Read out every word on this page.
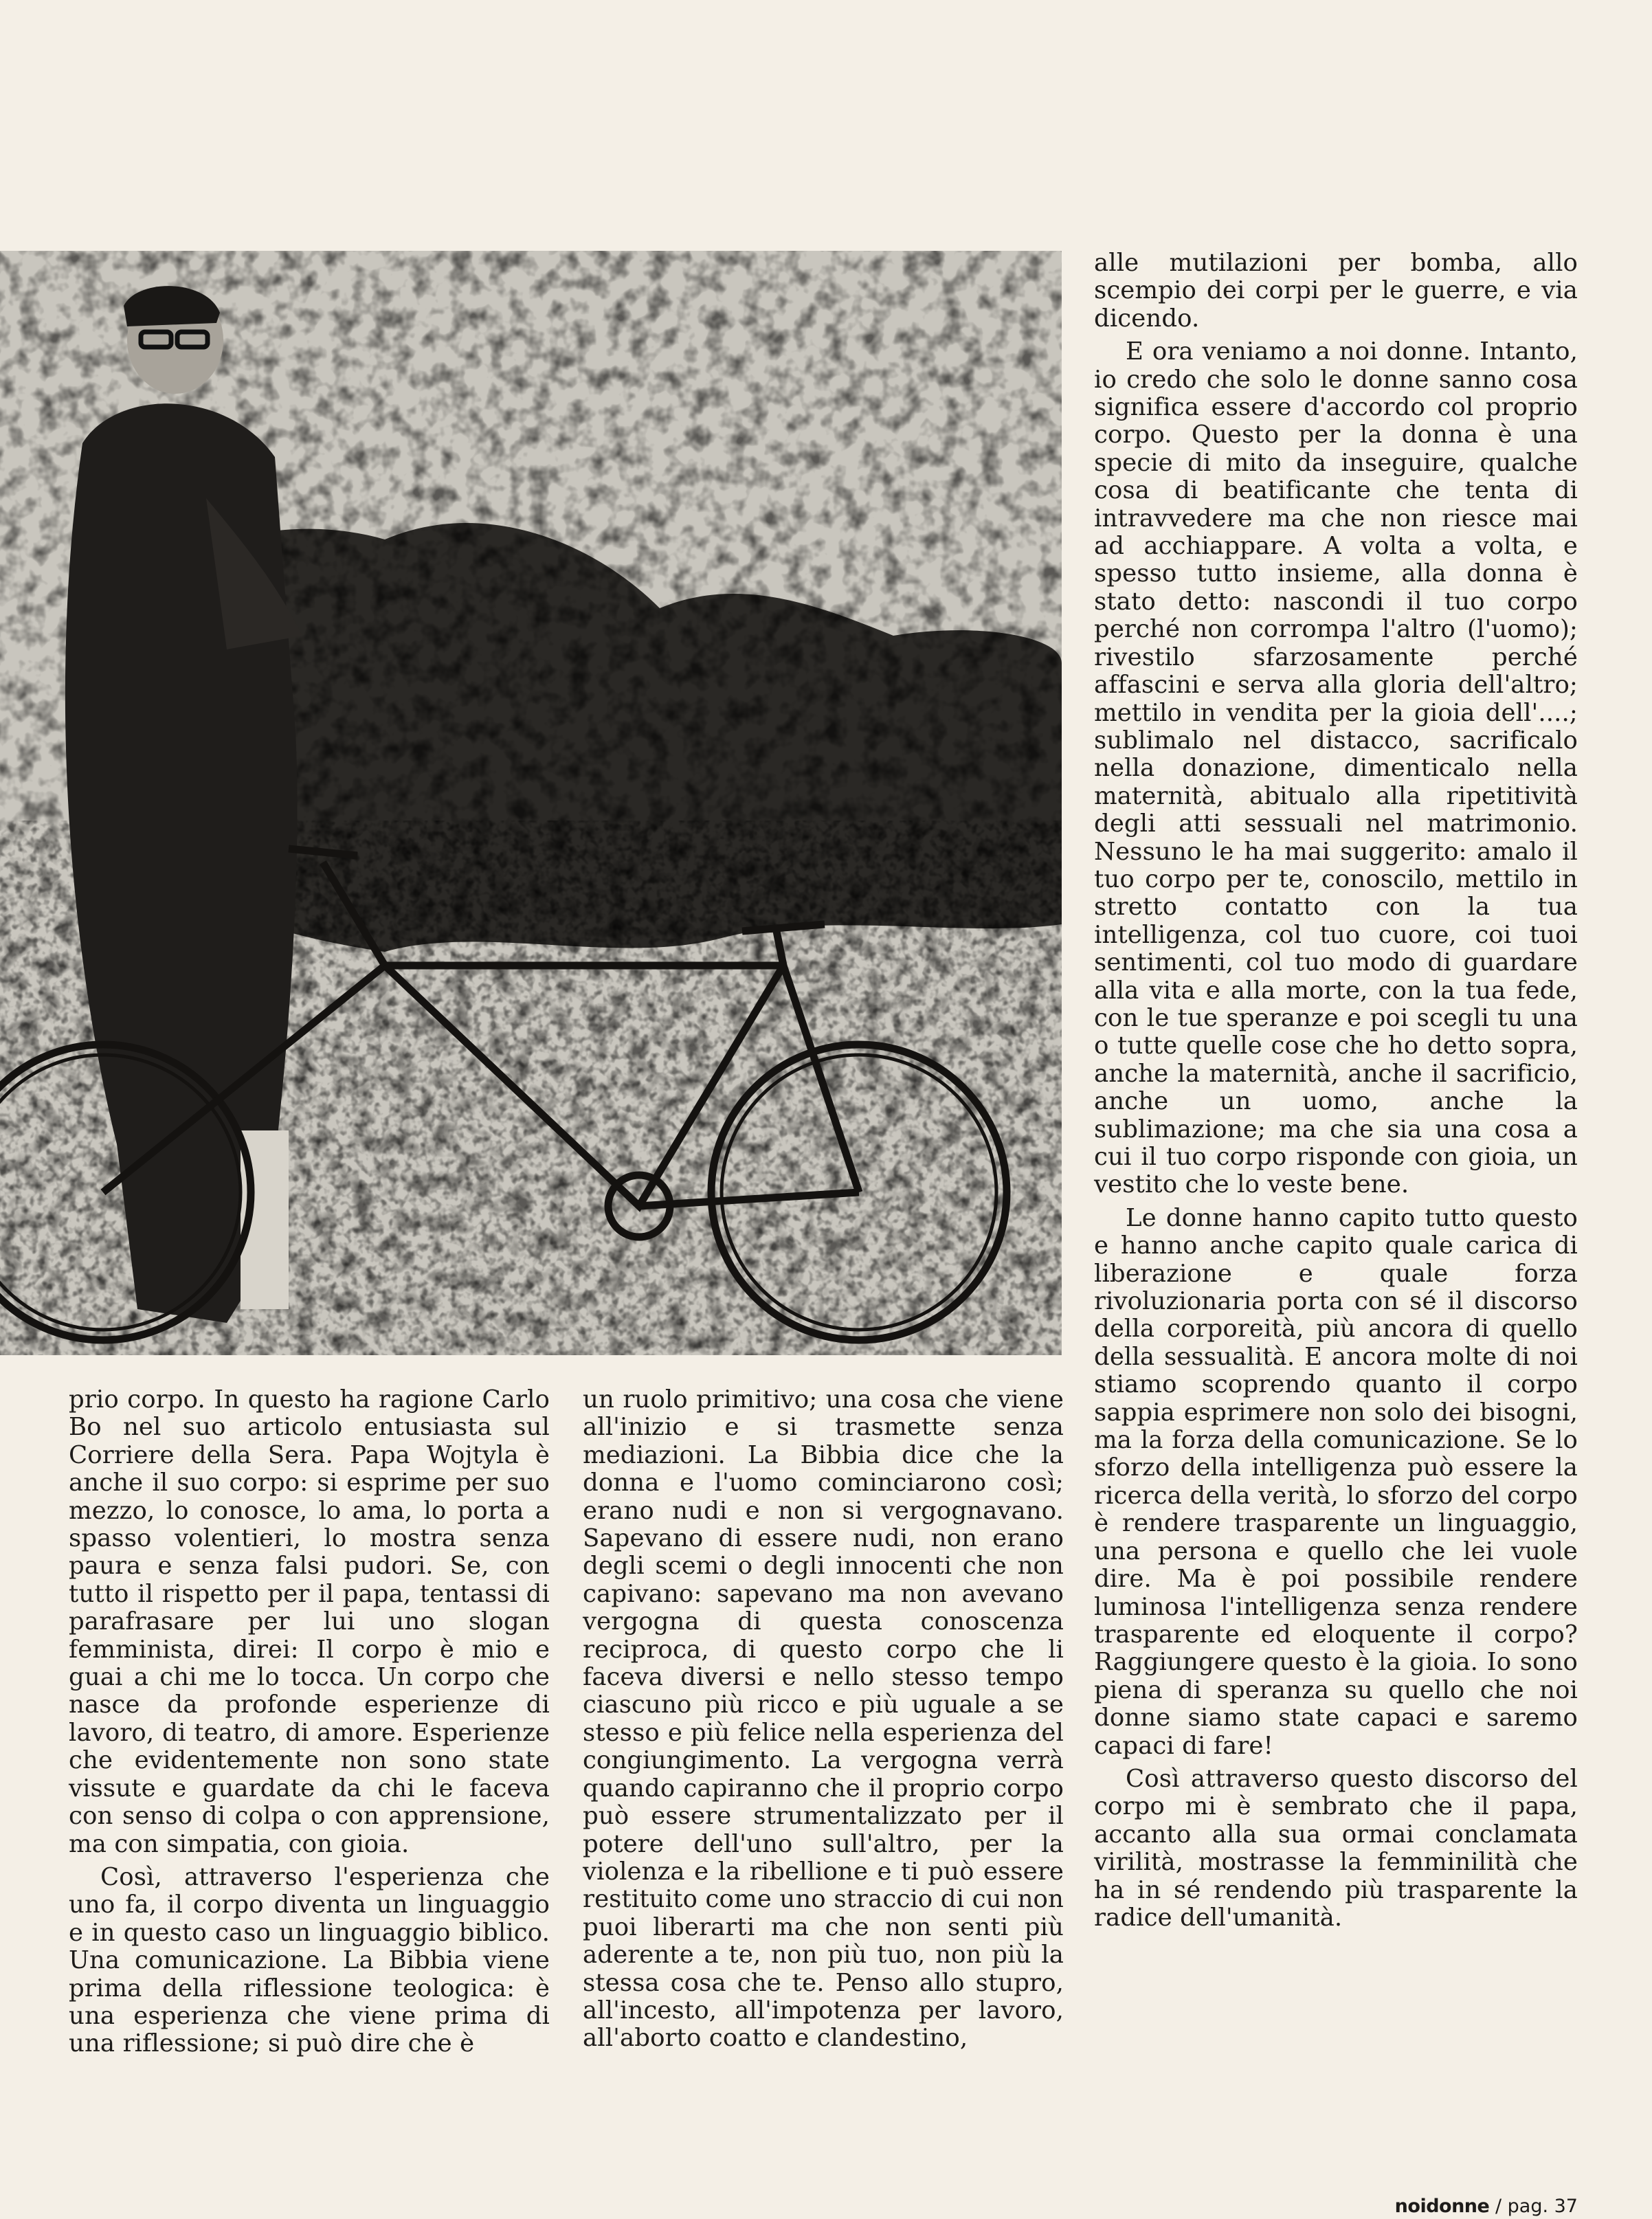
prio corpo. In questo ha ragione Carlo Bo nel suo articolo entusiasta sul Corriere della Sera. Papa Wojtyla è anche il suo corpo: si esprime per suo mezzo, lo conosce, lo ama, lo porta a spasso volentieri, lo mostra senza paura e senza falsi pudori. Se, con tutto il rispetto per il papa, tentassi di parafrasare per lui uno slogan femminista, direi: Il corpo è mio e guai a chi me lo tocca. Un corpo che nasce da profonde esperienze di lavoro, di teatro, di amore. Esperienze che evidentemente non sono state vissute e guardate da chi le faceva con senso di colpa o con apprensione, ma con simpatia, con gioia.

Così, attraverso l'esperienza che uno fa, il corpo diventa un linguaggio e in questo caso un linguaggio biblico. Una comunicazione. La Bibbia viene prima della riflessione teologica: è una esperienza che viene prima di una riflessione; si può dire che è

un ruolo primitivo; una cosa che viene all'inizio e si trasmette senza mediazioni. La Bibbia dice che la donna e l'uomo cominciarono così; erano nudi e non si vergognavano. Sapevano di essere nudi, non erano degli scemi o degli innocenti che non capivano: sapevano ma non avevano vergogna di questa conoscenza reciproca, di questo corpo che li faceva diversi e nello stesso tempo ciascuno più ricco e più uguale a se stesso e più felice nella esperienza del congiungimento. La vergogna verrà quando capiranno che il proprio corpo può essere strumentalizzato per il potere dell'uno sull'altro, per la violenza e la ribellione e ti può essere restituito come uno straccio di cui non puoi liberarti ma che non senti più aderente a te, non più tuo, non più la stessa cosa che te. Penso allo stupro, all'incesto, all'impotenza per lavoro, all'aborto coatto e clandestino,

alle mutilazioni per bomba, allo scempio dei corpi per le guerre, e via dicendo.

E ora veniamo a noi donne. Intanto, io credo che solo le donne sanno cosa significa essere d'accordo col proprio corpo. Questo per la donna è una specie di mito da inseguire, qualche cosa di beatificante che tenta di intravvedere ma che non riesce mai ad acchiappare. A volta a volta, e spesso tutto insieme, alla donna è stato detto: nascondi il tuo corpo perché non corrompa l'altro (l'uomo); rivestilo sfarzosamente perché affascini e serva alla gloria dell'altro; mettilo in vendita per la gioia dell'....; sublimalo nel distacco, sacrificalo nella donazione, dimenticalo nella maternità, abitualo alla ripetitività degli atti sessuali nel matrimonio. Nessuno le ha mai suggerito: amalo il tuo corpo per te, conoscilo, mettilo in stretto contatto con la tua intelligenza, col tuo cuore, coi tuoi sentimenti, col tuo modo di guardare alla vita e alla morte, con la tua fede, con le tue speranze e poi scegli tu una o tutte quelle cose che ho detto sopra, anche la maternità, anche il sacrificio, anche un uomo, anche la sublimazione; ma che sia una cosa a cui il tuo corpo risponde con gioia, un vestito che lo veste bene.

Le donne hanno capito tutto questo e hanno anche capito quale carica di liberazione e quale forza rivoluzionaria porta con sé il discorso della corporeità, più ancora di quello della sessualità. E ancora molte di noi stiamo scoprendo quanto il corpo sappia esprimere non solo dei bisogni, ma la forza della comunicazione. Se lo sforzo della intelligenza può essere la ricerca della verità, lo sforzo del corpo è rendere trasparente un linguaggio, una persona e quello che lei vuole dire. Ma è poi possibile rendere luminosa l'intelligenza senza rendere trasparente ed eloquente il corpo? Raggiungere questo è la gioia. Io sono piena di speranza su quello che noi donne siamo state capaci e saremo capaci di fare!

Così attraverso questo discorso del corpo mi è sembrato che il papa, accanto alla sua ormai conclamata virilità, mostrasse la femminilità che ha in sé rendendo più trasparente la radice dell'umanità.

noidonne / pag. 37
